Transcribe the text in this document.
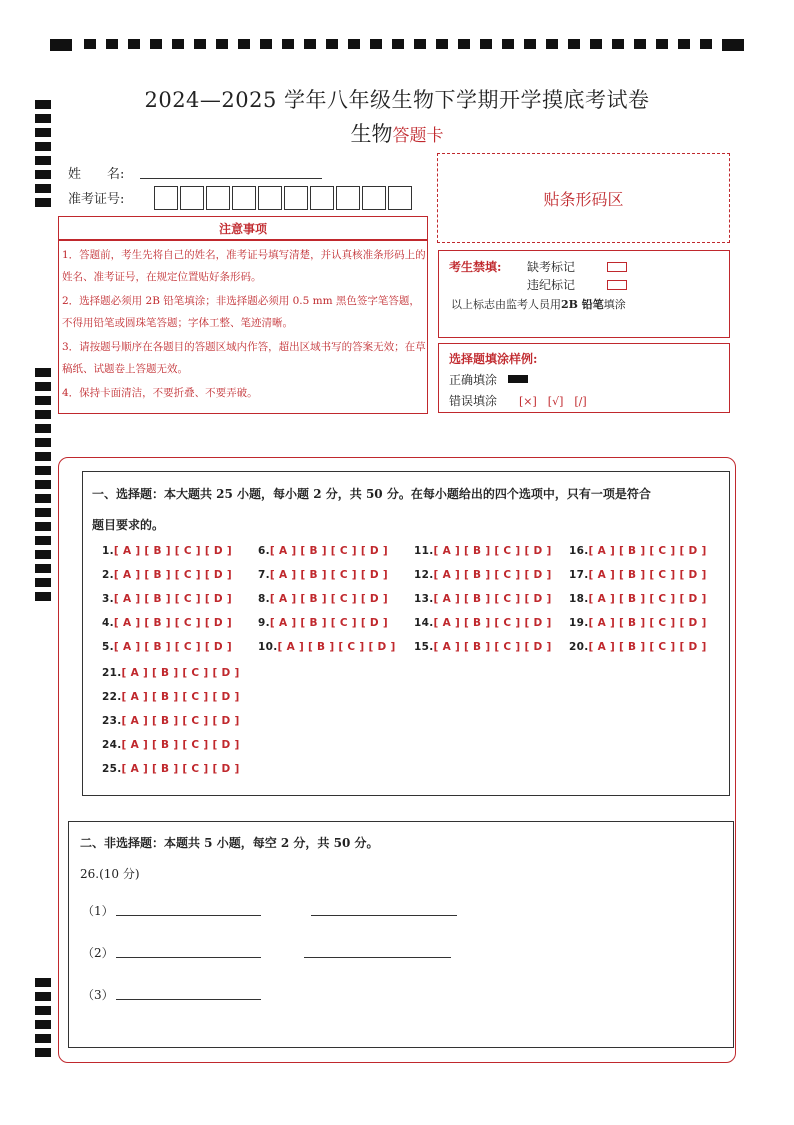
2024—2025 学年八年级生物下学期开学摸底考试卷
生物答题卡
姓　　名:
准考证号:	贴条形码区
注意事项
1．答题前，考生先将自己的姓名，准考证号填写清楚，并认真核准条形码上的姓名、准考证号，在规定位置贴好条形码。
2．选择题必须用 2B 铅笔填涂；非选择题必须用 0.5 mm 黑色签字笔答题，不得用铅笔或圆珠笔答题；字体工整、笔迹清晰。
3．请按题号顺序在各题目的答题区域内作答，超出区域书写的答案无效；在草稿纸、试题卷上答题无效。
4．保持卡面清洁，不要折叠、不要弄破。
考生禁填: 缺考标记
违纪标记
以上标志由监考人员用2B 铅笔填涂
选择题填涂样例:
正确填涂
错误填涂 [×]　[√]　[/]
一、选择题：本大题共 25 小题，每小题 2 分，共 50 分。在每小题给出的四个选项中，只有一项是符合
题目要求的。
1.[ A ] [ B ] [ C ] [ D ]
2.[ A ] [ B ] [ C ] [ D ]
3.[ A ] [ B ] [ C ] [ D ]
4.[ A ] [ B ] [ C ] [ D ]
5.[ A ] [ B ] [ C ] [ D ]
6.[ A ] [ B ] [ C ] [ D ]
7.[ A ] [ B ] [ C ] [ D ]
8.[ A ] [ B ] [ C ] [ D ]
9.[ A ] [ B ] [ C ] [ D ]
10.[ A ] [ B ] [ C ] [ D ]
11.[ A ] [ B ] [ C ] [ D ]
12.[ A ] [ B ] [ C ] [ D ]
13.[ A ] [ B ] [ C ] [ D ]
14.[ A ] [ B ] [ C ] [ D ]
15.[ A ] [ B ] [ C ] [ D ]
16.[ A ] [ B ] [ C ] [ D ]
17.[ A ] [ B ] [ C ] [ D ]
18.[ A ] [ B ] [ C ] [ D ]
19.[ A ] [ B ] [ C ] [ D ]
20.[ A ] [ B ] [ C ] [ D ]
21.[ A ] [ B ] [ C ] [ D ]
22.[ A ] [ B ] [ C ] [ D ]
23.[ A ] [ B ] [ C ] [ D ]
24.[ A ] [ B ] [ C ] [ D ]
25.[ A ] [ B ] [ C ] [ D ]
二、非选择题：本题共 5 小题，每空 2 分，共 50 分。
26.(10 分)
（1）
（2）
（3）
